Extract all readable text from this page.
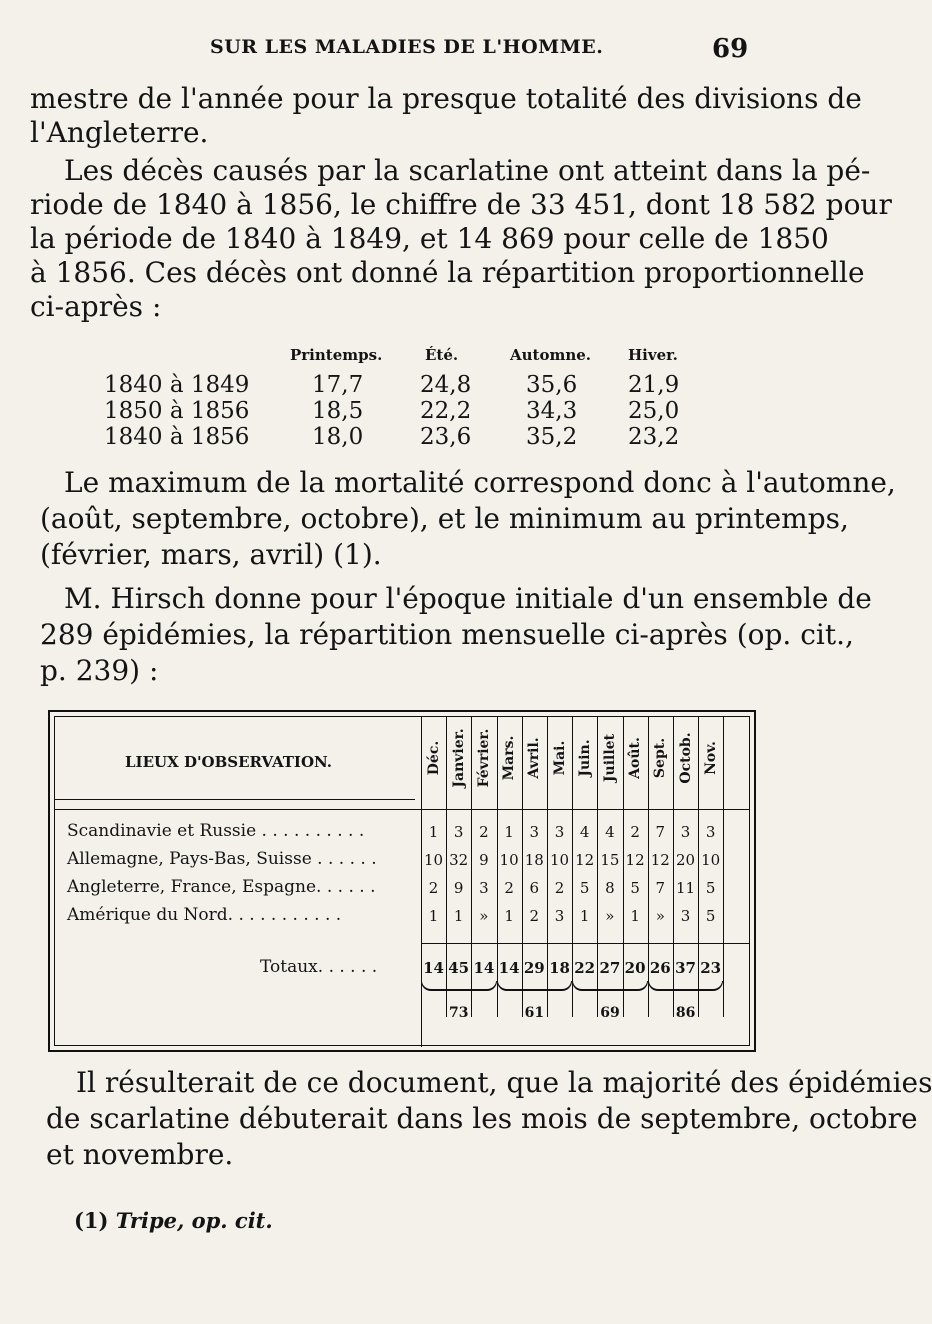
SUR LES MALADIES DE L'HOMME.	69
mestre de l'année pour la presque totalité des divisions de
l'Angleterre.
Les décès causés par la scarlatine ont atteint dans la pé-
riode de 1840 à 1856, le chiffre de 33 451, dont 18 582 pour
la période de 1840 à 1849, et 14 869 pour celle de 1850
à 1856. Ces décès ont donné la répartition proportionnelle
ci-après :
Printemps.	Été.	Automne. Hiver.
1840 à 1849	17,7 24,8 35,6 21,9
1850 à 1856	18,5 22,2 34,3 25,0
1840 à 1856	18,0 23,6 35,2 23,2
Le maximum de la mortalité correspond donc à l'automne,
(août, septembre, octobre), et le minimum au printemps,
(février, mars, avril) (1).
M. Hirsch donne pour l'époque initiale d'un ensemble de
289 épidémies, la répartition mensuelle ci-après (op. cit.,
p. 239) :
LIEUX D'OBSERVATION.	Déc. Janvier. Février. Mars. Avril. Mai. Juin. Juillet Août. Sept. Octob. Nov.
Scandinavie et Russie . . . . . . . . . .	1	3	2	1	3	3	4	4	2	7	3	3
Allemagne, Pays-Bas, Suisse . . . . . .	10 32 9 10 18 10 12 15 12 12 20 10
Angleterre, France, Espagne. . . . . .	2	9	3	2	6	2	5	8	5	7 11 5
Amérique du Nord. . . . . . . . . . .	1	1	»	1	2	3	1	»	1	»	3	5
Totaux. . . . . .	14 45 14 14 29 18 22 27 20 26 37 23
73	61	69	86
Il résulterait de ce document, que la majorité des épidémies
de scarlatine débuterait dans les mois de septembre, octobre
et novembre.
(1) Tripe, op. cit.
